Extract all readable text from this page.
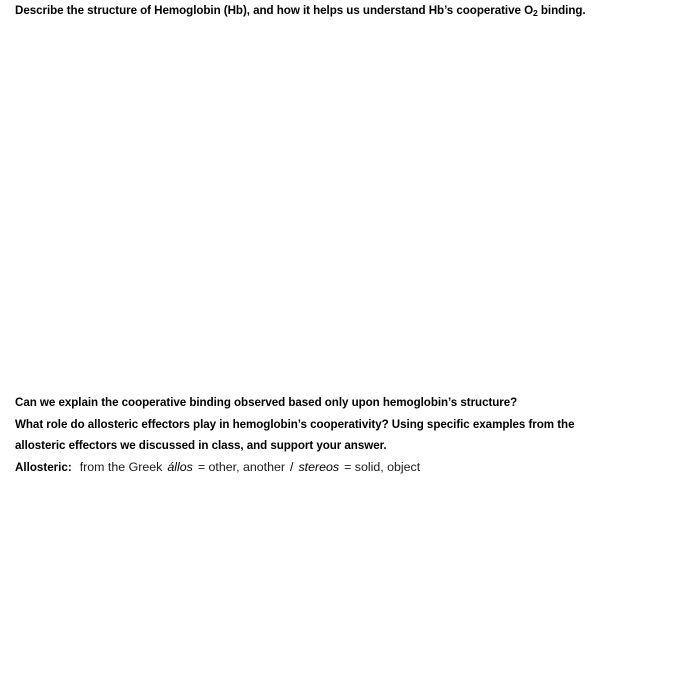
Describe the structure of Hemoglobin (Hb), and how it helps us understand Hb’s cooperative $O_2$ binding.
Can we explain the cooperative binding observed based only upon hemoglobin’s structure?
What role do allosteric effectors play in hemoglobin’s cooperativity? Using specific examples from the
allosteric effectors we discussed in class, and support your answer.
Allosteric: from the Greek állos = other, another / stereos = solid, object
